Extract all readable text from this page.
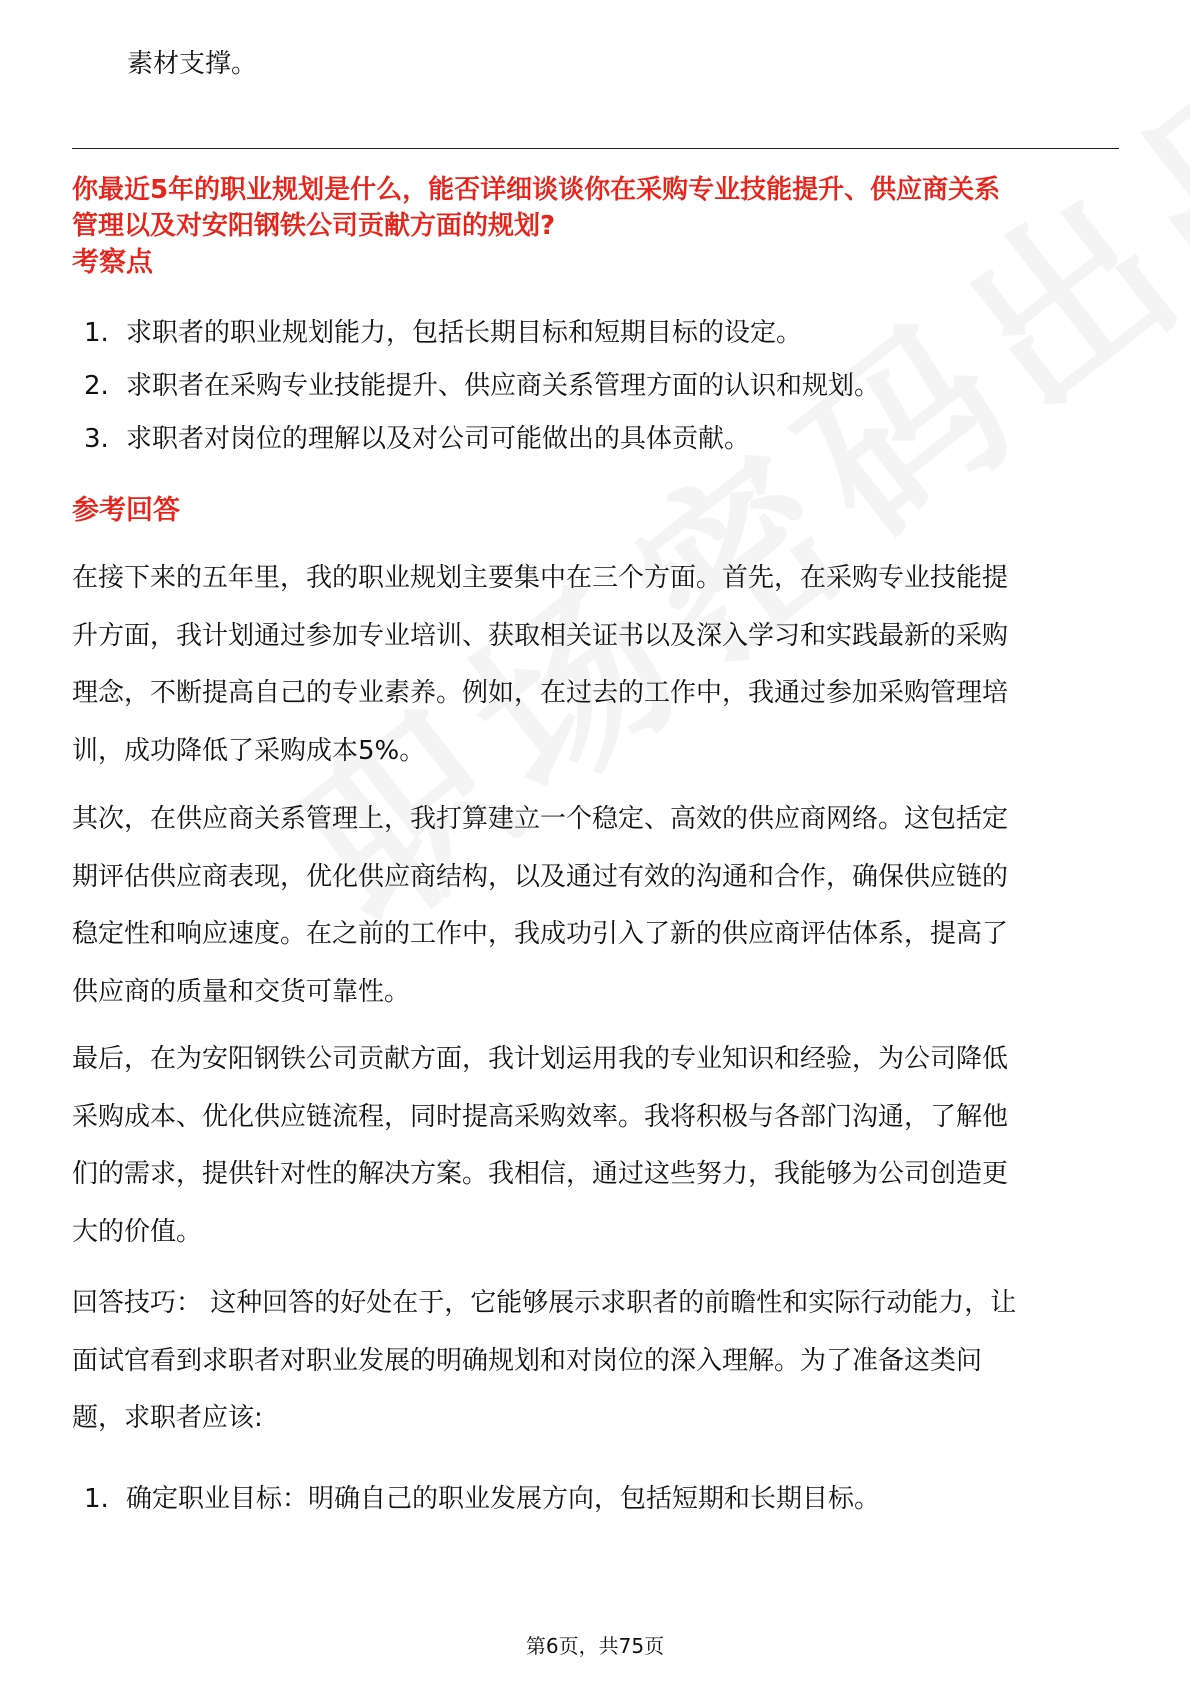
素材支撑。
你最近5年的职业规划是什么，能否详细谈谈你在采购专业技能提升、供应商关系
管理以及对安阳钢铁公司贡献方面的规划?
考察点
1. 求职者的职业规划能力，包括长期目标和短期目标的设定。
2. 求职者在采购专业技能提升、供应商关系管理方面的认识和规划。
3. 求职者对岗位的理解以及对公司可能做出的具体贡献。
参考回答
在接下来的五年里，我的职业规划主要集中在三个方面。首先，在采购专业技能提
升方面，我计划通过参加专业培训、获取相关证书以及深入学习和实践最新的采购
理念，不断提高自己的专业素养。例如，在过去的工作中，我通过参加采购管理培
训，成功降低了采购成本5%。
其次，在供应商关系管理上，我打算建立一个稳定、高效的供应商网络。这包括定
期评估供应商表现，优化供应商结构，以及通过有效的沟通和合作，确保供应链的
稳定性和响应速度。在之前的工作中，我成功引入了新的供应商评估体系，提高了
供应商的质量和交货可靠性。
最后，在为安阳钢铁公司贡献方面，我计划运用我的专业知识和经验，为公司降低
采购成本、优化供应链流程，同时提高采购效率。我将积极与各部门沟通，了解他
们的需求，提供针对性的解决方案。我相信，通过这些努力，我能够为公司创造更
大的价值。
回答技巧： 这种回答的好处在于，它能够展示求职者的前瞻性和实际行动能力，让
面试官看到求职者对职业发展的明确规划和对岗位的深入理解。为了准备这类问
题，求职者应该:
1. 确定职业目标：明确自己的职业发展方向，包括短期和长期目标。
第6页，共75页
